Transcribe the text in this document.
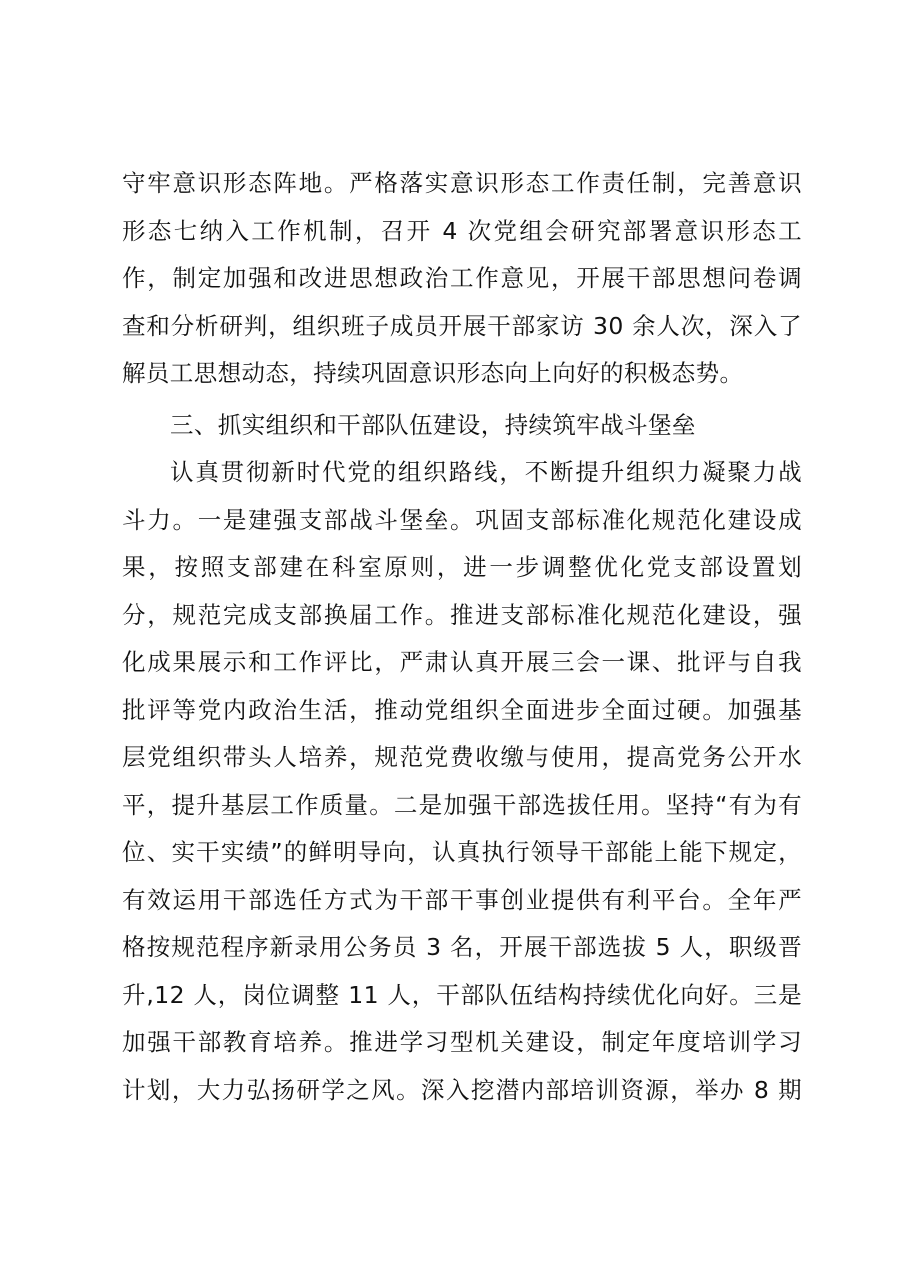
守牢意识形态阵地。严格落实意识形态工作责任制，完善意识
形态七纳入工作机制，召开 4 次党组会研究部署意识形态工
作，制定加强和改进思想政治工作意见，开展干部思想问卷调
查和分析研判，组织班子成员开展干部家访 30 余人次，深入了
解员工思想动态，持续巩固意识形态向上向好的积极态势。
三、抓实组织和干部队伍建设，持续筑牢战斗堡垒
认真贯彻新时代党的组织路线，不断提升组织力凝聚力战
斗力。一是建强支部战斗堡垒。巩固支部标准化规范化建设成
果，按照支部建在科室原则，进一步调整优化党支部设置划
分，规范完成支部换届工作。推进支部标准化规范化建设，强
化成果展示和工作评比，严肃认真开展三会一课、批评与自我
批评等党内政治生活，推动党组织全面进步全面过硬。加强基
层党组织带头人培养，规范党费收缴与使用，提高党务公开水
平，提升基层工作质量。二是加强干部选拔任用。坚持“有为有
位、实干实绩”的鲜明导向，认真执行领导干部能上能下规定，
有效运用干部选任方式为干部干事创业提供有利平台。全年严
格按规范程序新录用公务员 3 名，开展干部选拔 5 人，职级晋
升,12 人，岗位调整 11 人，干部队伍结构持续优化向好。三是
加强干部教育培养。推进学习型机关建设，制定年度培训学习
计划，大力弘扬研学之风。深入挖潜内部培训资源，举办 8 期
